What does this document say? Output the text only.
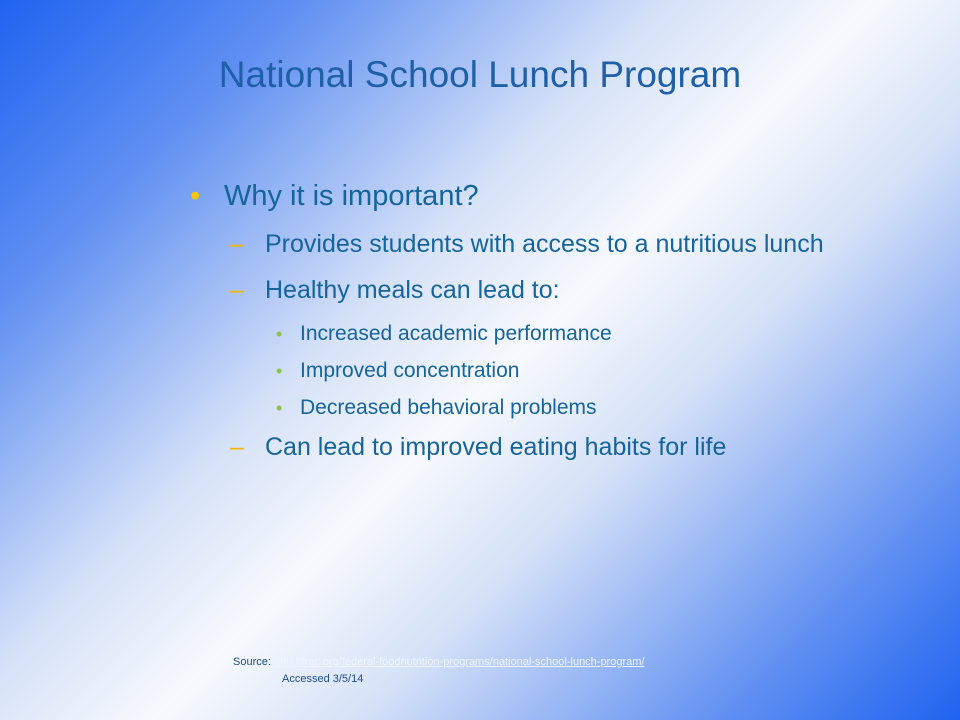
National School Lunch Program
• Why it is important?
– Provides students with access to a nutritious lunch
– Healthy meals can lead to:
• Increased academic performance
• Improved concentration
• Decreased behavioral problems
– Can lead to improved eating habits for life
Source: http://frac.org/federal-foodnutrition-programs/national-school-lunch-program/
Accessed 3/5/14
